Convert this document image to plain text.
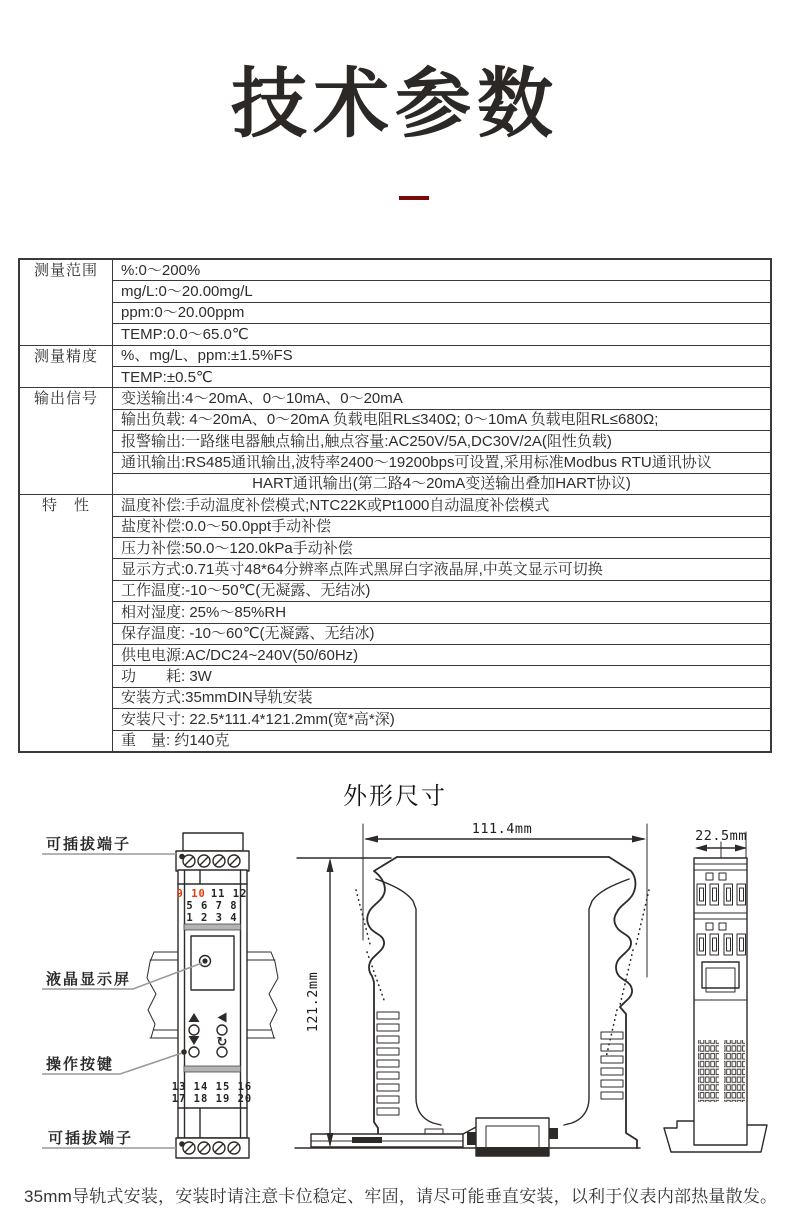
技术参数
测量范围	%:0～200%
	mg/L:0～20.00mg/L
	ppm:0～20.00ppm
	TEMP:0.0～65.0℃
测量精度	%、mg/L、ppm:±1.5%FS
	TEMP:±0.5℃
输出信号	变送输出:4～20mA、0～10mA、0～20mA
	输出负载: 4～20mA、0～20mA 负载电阻RL≤340Ω; 0～10mA 负载电阻RL≤680Ω;
	报警输出:一路继电器触点输出,触点容量:AC250V/5A,DC30V/2A(阻性负载)
	通讯输出:RS485通讯输出,波特率2400～19200bps可设置,采用标准Modbus RTU通讯协议
	HART通讯输出(第二路4～20mA变送输出叠加HART协议)
特　性	温度补偿:手动温度补偿模式;NTC22K或Pt1000自动温度补偿模式
	盐度补偿:0.0～50.0ppt手动补偿
	压力补偿:50.0～120.0kPa手动补偿
	显示方式:0.71英寸48*64分辨率点阵式黑屏白字液晶屏,中英文显示可切换
	工作温度:-10～50℃(无凝露、无结冰)
	相对湿度: 25%～85%RH
	保存温度: -10～60℃(无凝露、无结冰)
	供电电源:AC/DC24~240V(50/60Hz)
	功　　耗: 3W
	安装方式:35mmDIN导轨安装
	安装尺寸: 22.5*111.4*121.2mm(宽*高*深)
	重　量: 约140克
外形尺寸
9 10 11 12
5 6 7 8
1 2 3 4
↻
13 14 15 16
17 18 19 20
可插拔端子
液晶显示屏
操作按键
可插拔端子
111.4mm
121.2mm
22.5mm

35mm导轨式安装，安装时请注意卡位稳定、牢固，请尽可能垂直安装，以利于仪表内部热量散发。
